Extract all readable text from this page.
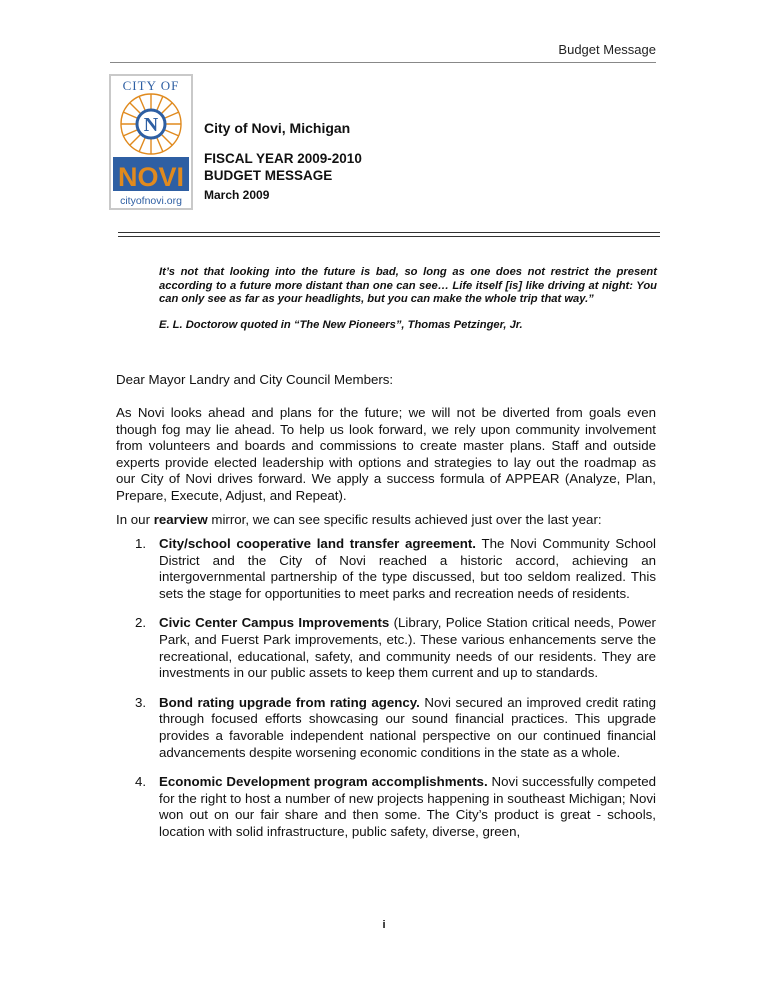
Budget Message
CITY OF
N
NOVI
cityofnovi.org
City of Novi, Michigan
FISCAL YEAR 2009-2010
BUDGET MESSAGE
March 2009
It’s not that looking into the future is bad, so long as one does not restrict the present according to a future more distant than one can see… Life itself [is] like driving at night: You can only see as far as your headlights, but you can make the whole trip that way.”
E. L. Doctorow quoted in “The New Pioneers”, Thomas Petzinger, Jr.
Dear Mayor Landry and City Council Members:
As Novi looks ahead and plans for the future; we will not be diverted from goals even though fog may lie ahead. To help us look forward, we rely upon community involvement from volunteers and boards and commissions to create master plans. Staff and outside experts provide elected leadership with options and strategies to lay out the roadmap as our City of Novi drives forward. We apply a success formula of APPEAR (Analyze, Plan, Prepare, Execute, Adjust, and Repeat).
In our rearview mirror, we can see specific results achieved just over the last year:
1. City/school cooperative land transfer agreement. The Novi Community School District and the City of Novi reached a historic accord, achieving an intergovernmental partnership of the type discussed, but too seldom realized. This sets the stage for opportunities to meet parks and recreation needs of residents.
2. Civic Center Campus Improvements (Library, Police Station critical needs, Power Park, and Fuerst Park improvements, etc.). These various enhancements serve the recreational, educational, safety, and community needs of our residents. They are investments in our public assets to keep them current and up to standards.
3. Bond rating upgrade from rating agency. Novi secured an improved credit rating through focused efforts showcasing our sound financial practices. This upgrade provides a favorable independent national perspective on our continued financial advancements despite worsening economic conditions in the state as a whole.
4. Economic Development program accomplishments. Novi successfully competed for the right to host a number of new projects happening in southeast Michigan; Novi won out on our fair share and then some. The City’s product is great - schools, location with solid infrastructure, public safety, diverse, green,
i
